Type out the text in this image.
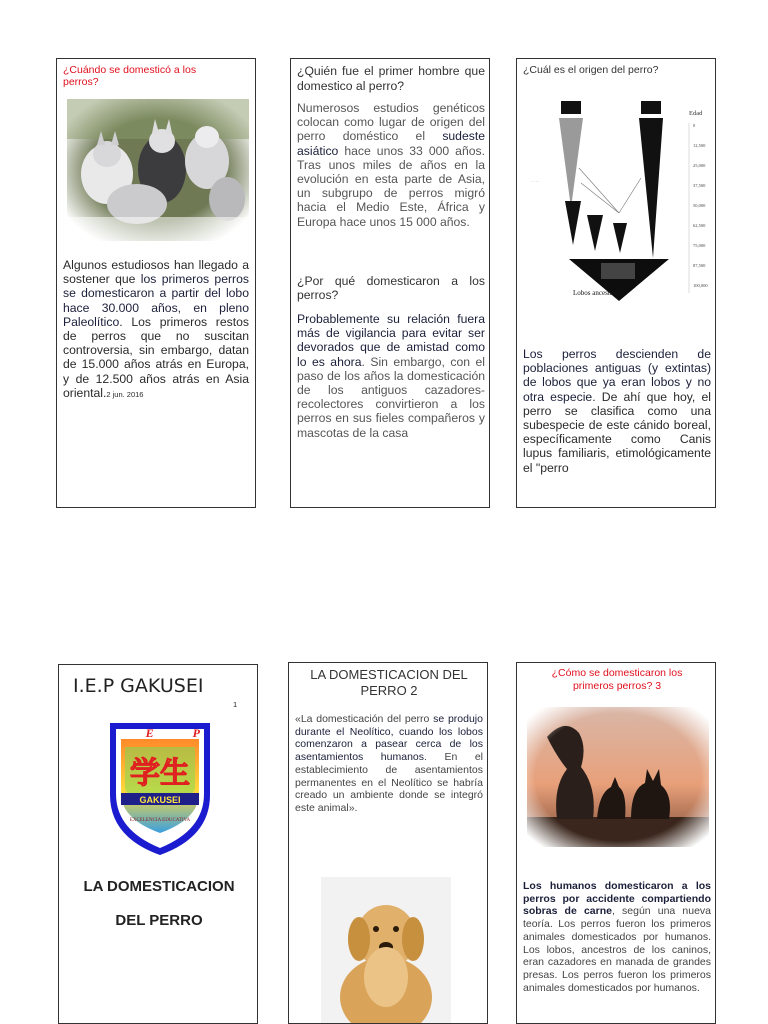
¿Cuándo se domesticó a los perros?
Algunos estudiosos han llegado a sostener que los primeros perros se domesticaron a partir del lobo hace 30.000 años, en pleno Paleolítico. Los primeros restos de perros que no suscitan controversia, sin embargo, datan de 15.000 años atrás en Europa, y de 12.500 años atrás en Asia oriental.2 jun. 2016
¿Quién fue el primer hombre que domestico al perro?
Numerosos estudios genéticos colocan como lugar de origen del perro doméstico el sudeste asiático hace unos 33 000 años. Tras unos miles de años en la evolución en esta parte de Asia, un subgrupo de perros migró hacia el Medio Este, África y Europa hace unos 15 000 años.
¿Por qué domesticaron a los perros?
Probablemente su relación fuera más de vigilancia para evitar ser devorados que de amistad como lo es ahora. Sin embargo, con el paso de los años la domesticación de los antiguos cazadores-recolectores convirtieron a los perros en sus fieles compañeros y mascotas de la casa
¿Cuál es el origen del perro?
Lobos ancestrales
· · · ·
Edad
0
12,500
25,000
37,500
50,000
62,500
75,000
87,500
100,000
Los perros descienden de poblaciones antiguas (y extintas) de lobos que ya eran lobos y no otra especie. De ahí que hoy, el perro se clasifica como una subespecie de este cánido boreal, específicamente como Canis lupus familiaris, etimológicamente el "perro
I.E.P GAKUSEI
1
GAKUSEI
I E P
学生
EXCELENCIA EDUCATIVA
LA DOMESTICACION
DEL PERRO
LA DOMESTICACION DEL PERRO 2
«La domesticación del perro se produjo durante el Neolítico, cuando los lobos comenzaron a pasear cerca de los asentamientos humanos. En el establecimiento de asentamientos permanentes en el Neolítico se habría creado un ambiente donde se integró este animal».
¿Cómo se domesticaron los primeros perros? 3
Los humanos domesticaron a los perros por accidente compartiendo sobras de carne, según una nueva teoría. Los perros fueron los primeros animales domesticados por humanos. Los lobos, ancestros de los caninos, eran cazadores en manada de grandes presas. Los perros fueron los primeros animales domesticados por humanos.
